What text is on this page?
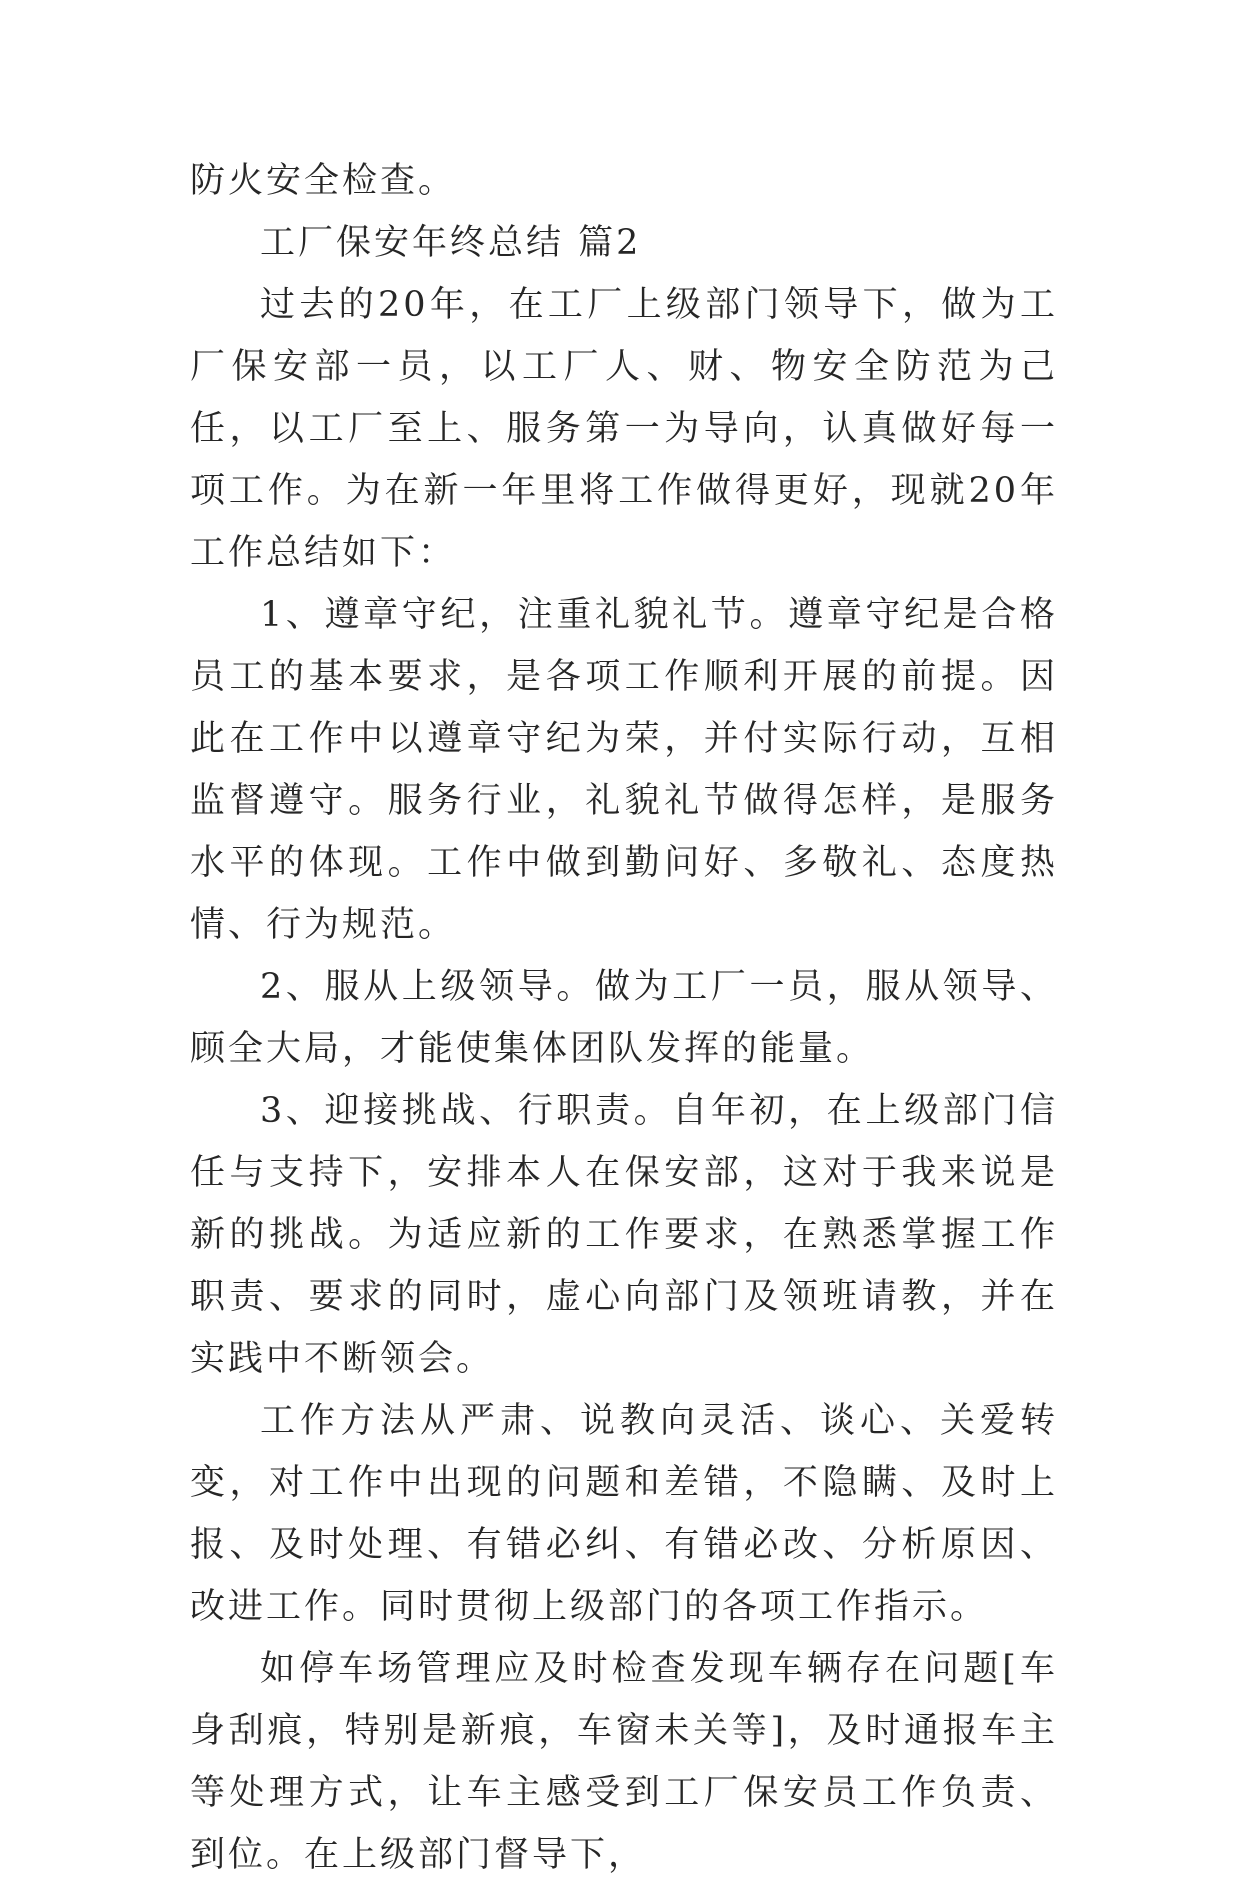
防火安全检查。

工厂保安年终总结 篇2

过去的20年，在工厂上级部门领导下，做为工厂保安部一员，以工厂人、财、物安全防范为己任，以工厂至上、服务第一为导向，认真做好每一项工作。为在新一年里将工作做得更好，现就20年工作总结如下：

1、遵章守纪，注重礼貌礼节。遵章守纪是合格员工的基本要求，是各项工作顺利开展的前提。因此在工作中以遵章守纪为荣，并付实际行动，互相监督遵守。服务行业，礼貌礼节做得怎样，是服务水平的体现。工作中做到勤问好、多敬礼、态度热情、行为规范。

2、服从上级领导。做为工厂一员，服从领导、顾全大局，才能使集体团队发挥的能量。

3、迎接挑战、行职责。自年初，在上级部门信任与支持下，安排本人在保安部，这对于我来说是新的挑战。为适应新的工作要求，在熟悉掌握工作职责、要求的同时，虚心向部门及领班请教，并在实践中不断领会。

工作方法从严肃、说教向灵活、谈心、关爱转变，对工作中出现的问题和差错，不隐瞒、及时上报、及时处理、有错必纠、有错必改、分析原因、改进工作。同时贯彻上级部门的各项工作指示。

如停车场管理应及时检查发现车辆存在问题[车身刮痕，特别是新痕，车窗未关等]，及时通报车主等处理方式，让车主感受到工厂保安员工作负责、到位。在上级部门督导下，
